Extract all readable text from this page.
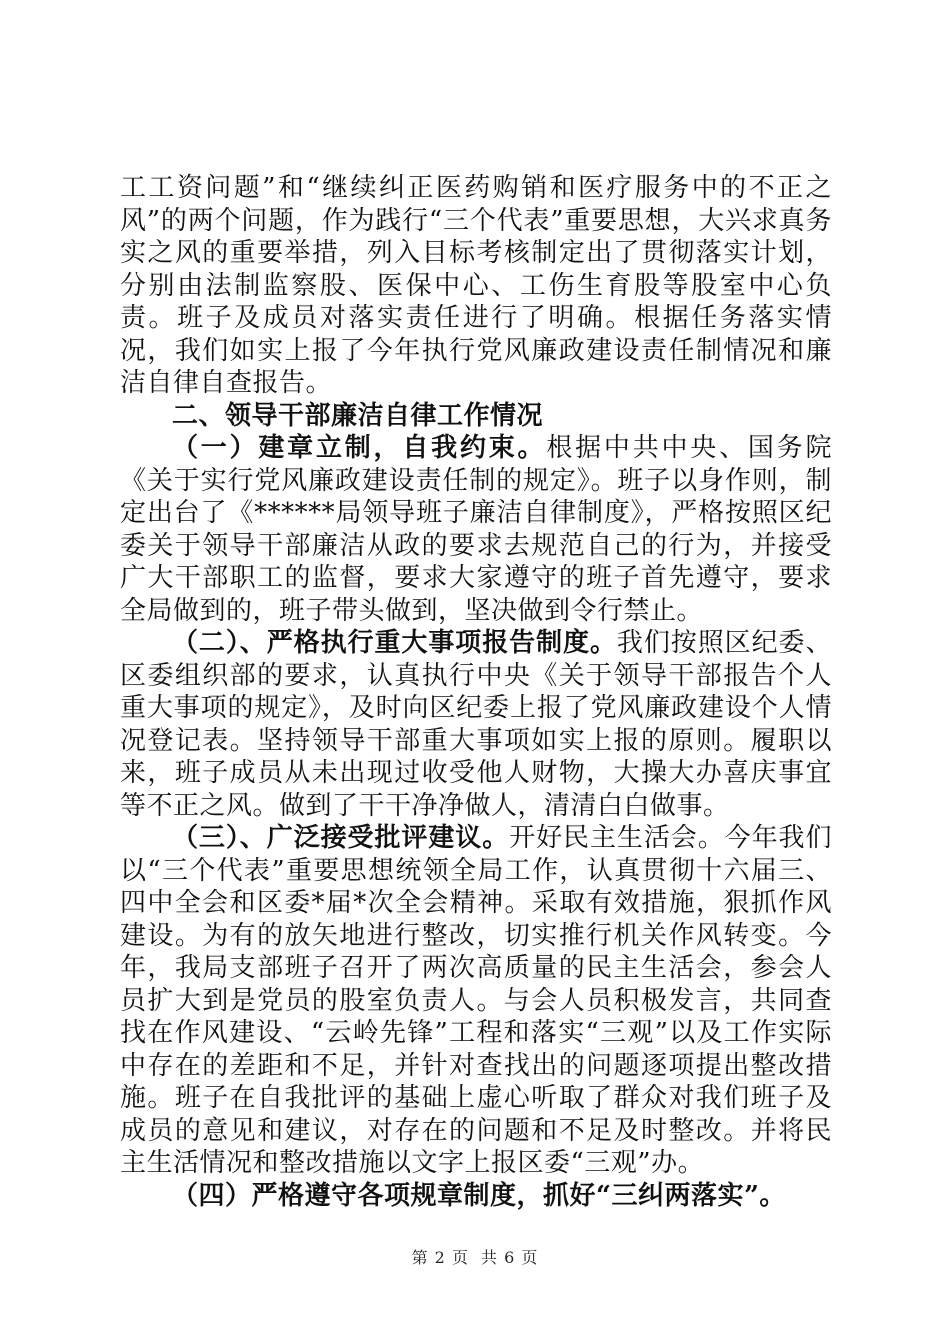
工工资问题”和“继续纠正医药购销和医疗服务中的不正之风”的两个问题，作为践行“三个代表”重要思想，大兴求真务实之风的重要举措，列入目标考核制定出了贯彻落实计划，分别由法制监察股、医保中心、工伤生育股等股室中心负责。班子及成员对落实责任进行了明确。根据任务落实情况，我们如实上报了今年执行党风廉政建设责任制情况和廉洁自律自查报告。

二、领导干部廉洁自律工作情况

（一）建章立制，自我约束。根据中共中央、国务院《关于实行党风廉政建设责任制的规定》。班子以身作则，制定出台了《******局领导班子廉洁自律制度》，严格按照区纪委关于领导干部廉洁从政的要求去规范自己的行为，并接受广大干部职工的监督，要求大家遵守的班子首先遵守，要求全局做到的，班子带头做到，坚决做到令行禁止。

（二）、严格执行重大事项报告制度。我们按照区纪委、区委组织部的要求，认真执行中央《关于领导干部报告个人重大事项的规定》，及时向区纪委上报了党风廉政建设个人情况登记表。坚持领导干部重大事项如实上报的原则。履职以来，班子成员从未出现过收受他人财物，大操大办喜庆事宜等不正之风。做到了干干净净做人，清清白白做事。

（三）、广泛接受批评建议。开好民主生活会。今年我们以“三个代表”重要思想统领全局工作，认真贯彻十六届三、四中全会和区委*届*次全会精神。采取有效措施，狠抓作风建设。为有的放矢地进行整改，切实推行机关作风转变。今年，我局支部班子召开了两次高质量的民主生活会，参会人员扩大到是党员的股室负责人。与会人员积极发言，共同查找在作风建设、“云岭先锋”工程和落实“三观”以及工作实际中存在的差距和不足，并针对查找出的问题逐项提出整改措施。班子在自我批评的基础上虚心听取了群众对我们班子及成员的意见和建议，对存在的问题和不足及时整改。并将民主生活情况和整改措施以文字上报区委“三观”办。

（四）严格遵守各项规章制度，抓好“三纠两落实”。

第 2 页 共 6 页
